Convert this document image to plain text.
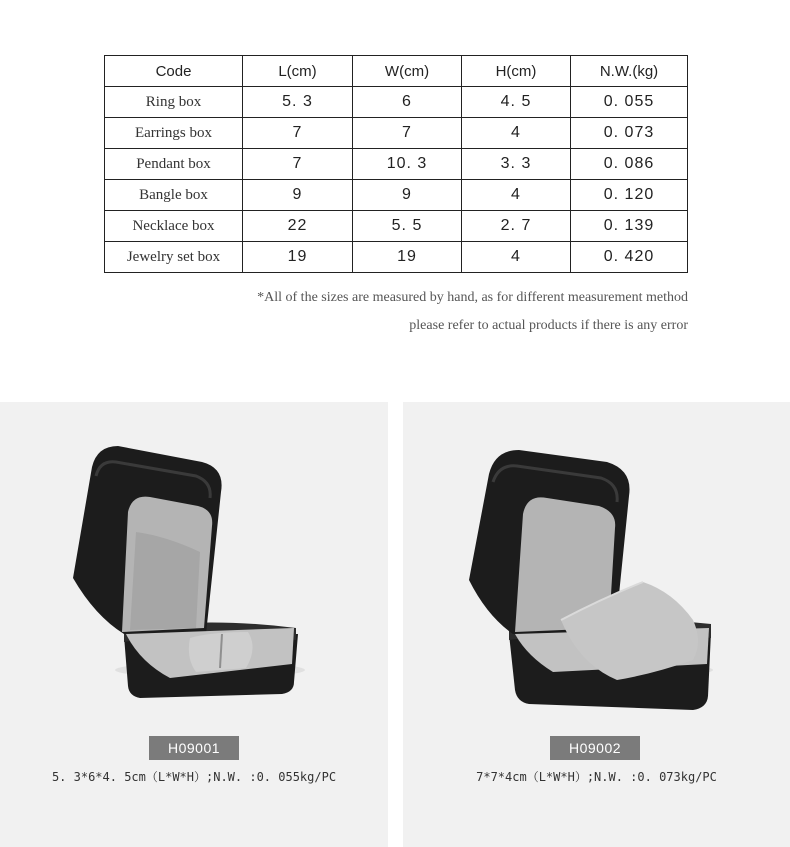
Code	L(cm)	W(cm)	H(cm)	N.W.(kg)
Ring box	5. 3	6	4. 5	0. 055
Earrings box	7	7	4	0. 073
Pendant box	7	10. 3	3. 3	0. 086
Bangle box	9	9	4	0. 120
Necklace box	22	5. 5	2. 7	0. 139
Jewelry set box	19	19	4	0. 420
*All of the sizes are measured by hand, as for different measurement method
please refer to actual products if there is any error
H09001
5. 3*6*4. 5cm（L*W*H）;N.W. :0. 055kg/PC
H09002
7*7*4cm（L*W*H）;N.W. :0. 073kg/PC
